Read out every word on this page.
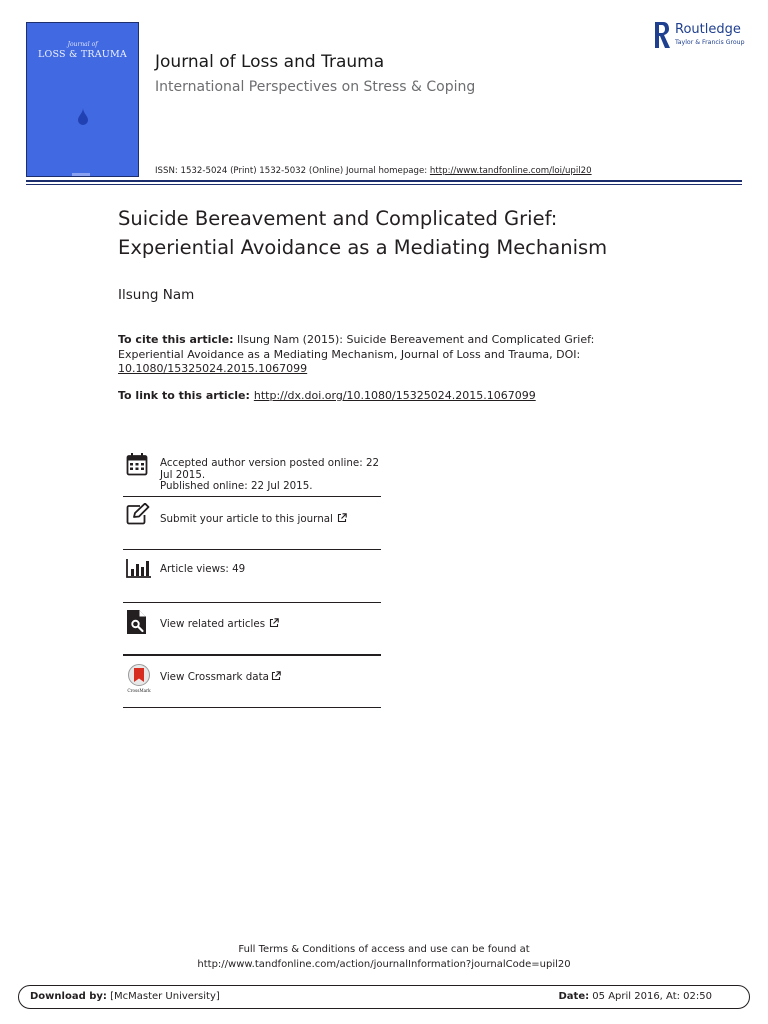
Journal of
LOSS & TRAUMA	Journal of Loss and Trauma
International Perspectives on Stress & Coping
ISSN: 1532-5024 (Print) 1532-5032 (Online) Journal homepage: http://www.tandfonline.com/loi/upil20
Routledge
Taylor & Francis Group
Suicide Bereavement and Complicated Grief:
Experiential Avoidance as a Mediating Mechanism
Ilsung Nam
To cite this article: Ilsung Nam (2015): Suicide Bereavement and Complicated Grief: Experiential Avoidance as a Mediating Mechanism, Journal of Loss and Trauma, DOI: 10.1080/15325024.2015.1067099
To link to this article: http://dx.doi.org/10.1080/15325024.2015.1067099
Accepted author version posted online: 22
Jul 2015.
Published online: 22 Jul 2015.
Submit your article to this journal
Article views: 49
View related articles
CrossMark
View Crossmark data
Full Terms & Conditions of access and use can be found at
http://www.tandfonline.com/action/journalInformation?journalCode=upil20
Download by: [McMaster University]	Date: 05 April 2016, At: 02:50
